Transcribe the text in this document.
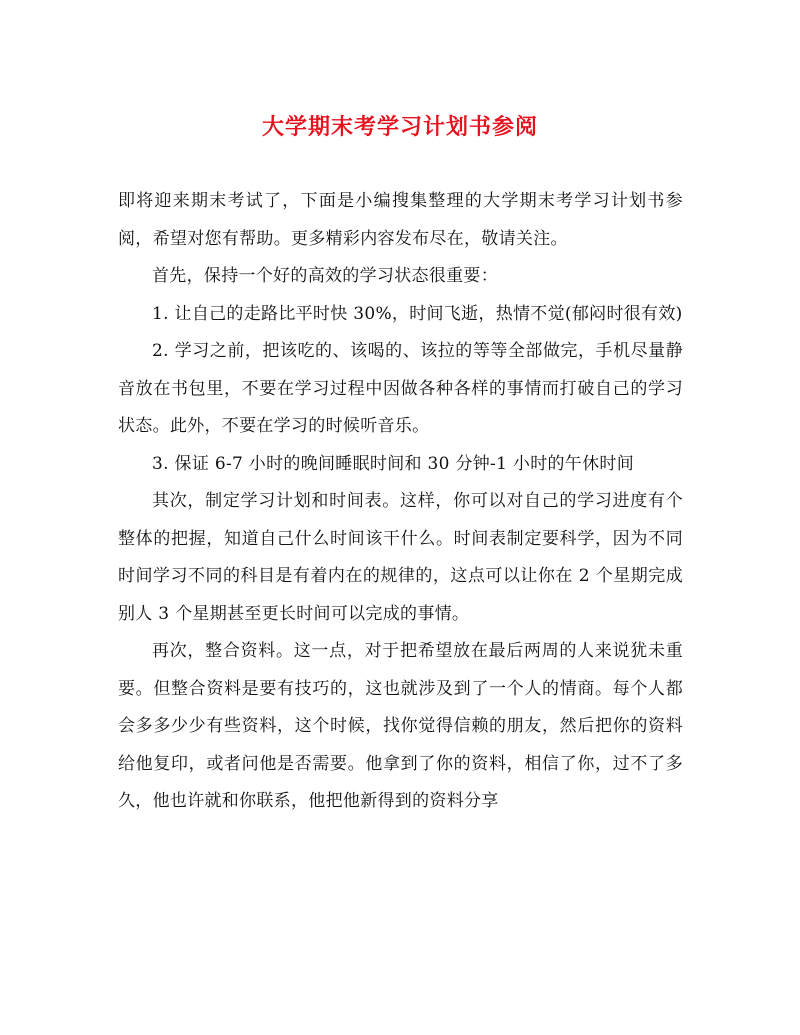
大学期末考学习计划书参阅

即将迎来期末考试了，下面是小编搜集整理的大学期末考学习计划书参阅，希望对您有帮助。更多精彩内容发布尽在，敬请关注。

首先，保持一个好的高效的学习状态很重要：

1. 让自己的走路比平时快 30%，时间飞逝，热情不觉(郁闷时很有效)

2. 学习之前，把该吃的、该喝的、该拉的等等全部做完，手机尽量静音放在书包里，不要在学习过程中因做各种各样的事情而打破自己的学习状态。此外，不要在学习的时候听音乐。

3. 保证 6-7 小时的晚间睡眠时间和 30 分钟-1 小时的午休时间

其次，制定学习计划和时间表。这样，你可以对自己的学习进度有个整体的把握，知道自己什么时间该干什么。时间表制定要科学，因为不同时间学习不同的科目是有着内在的规律的，这点可以让你在 2 个星期完成别人 3 个星期甚至更长时间可以完成的事情。

再次，整合资料。这一点，对于把希望放在最后两周的人来说犹未重要。但整合资料是要有技巧的，这也就涉及到了一个人的情商。每个人都会多多少少有些资料，这个时候，找你觉得信赖的朋友，然后把你的资料给他复印，或者问他是否需要。他拿到了你的资料，相信了你，过不了多久，他也许就和你联系，他把他新得到的资料分享
